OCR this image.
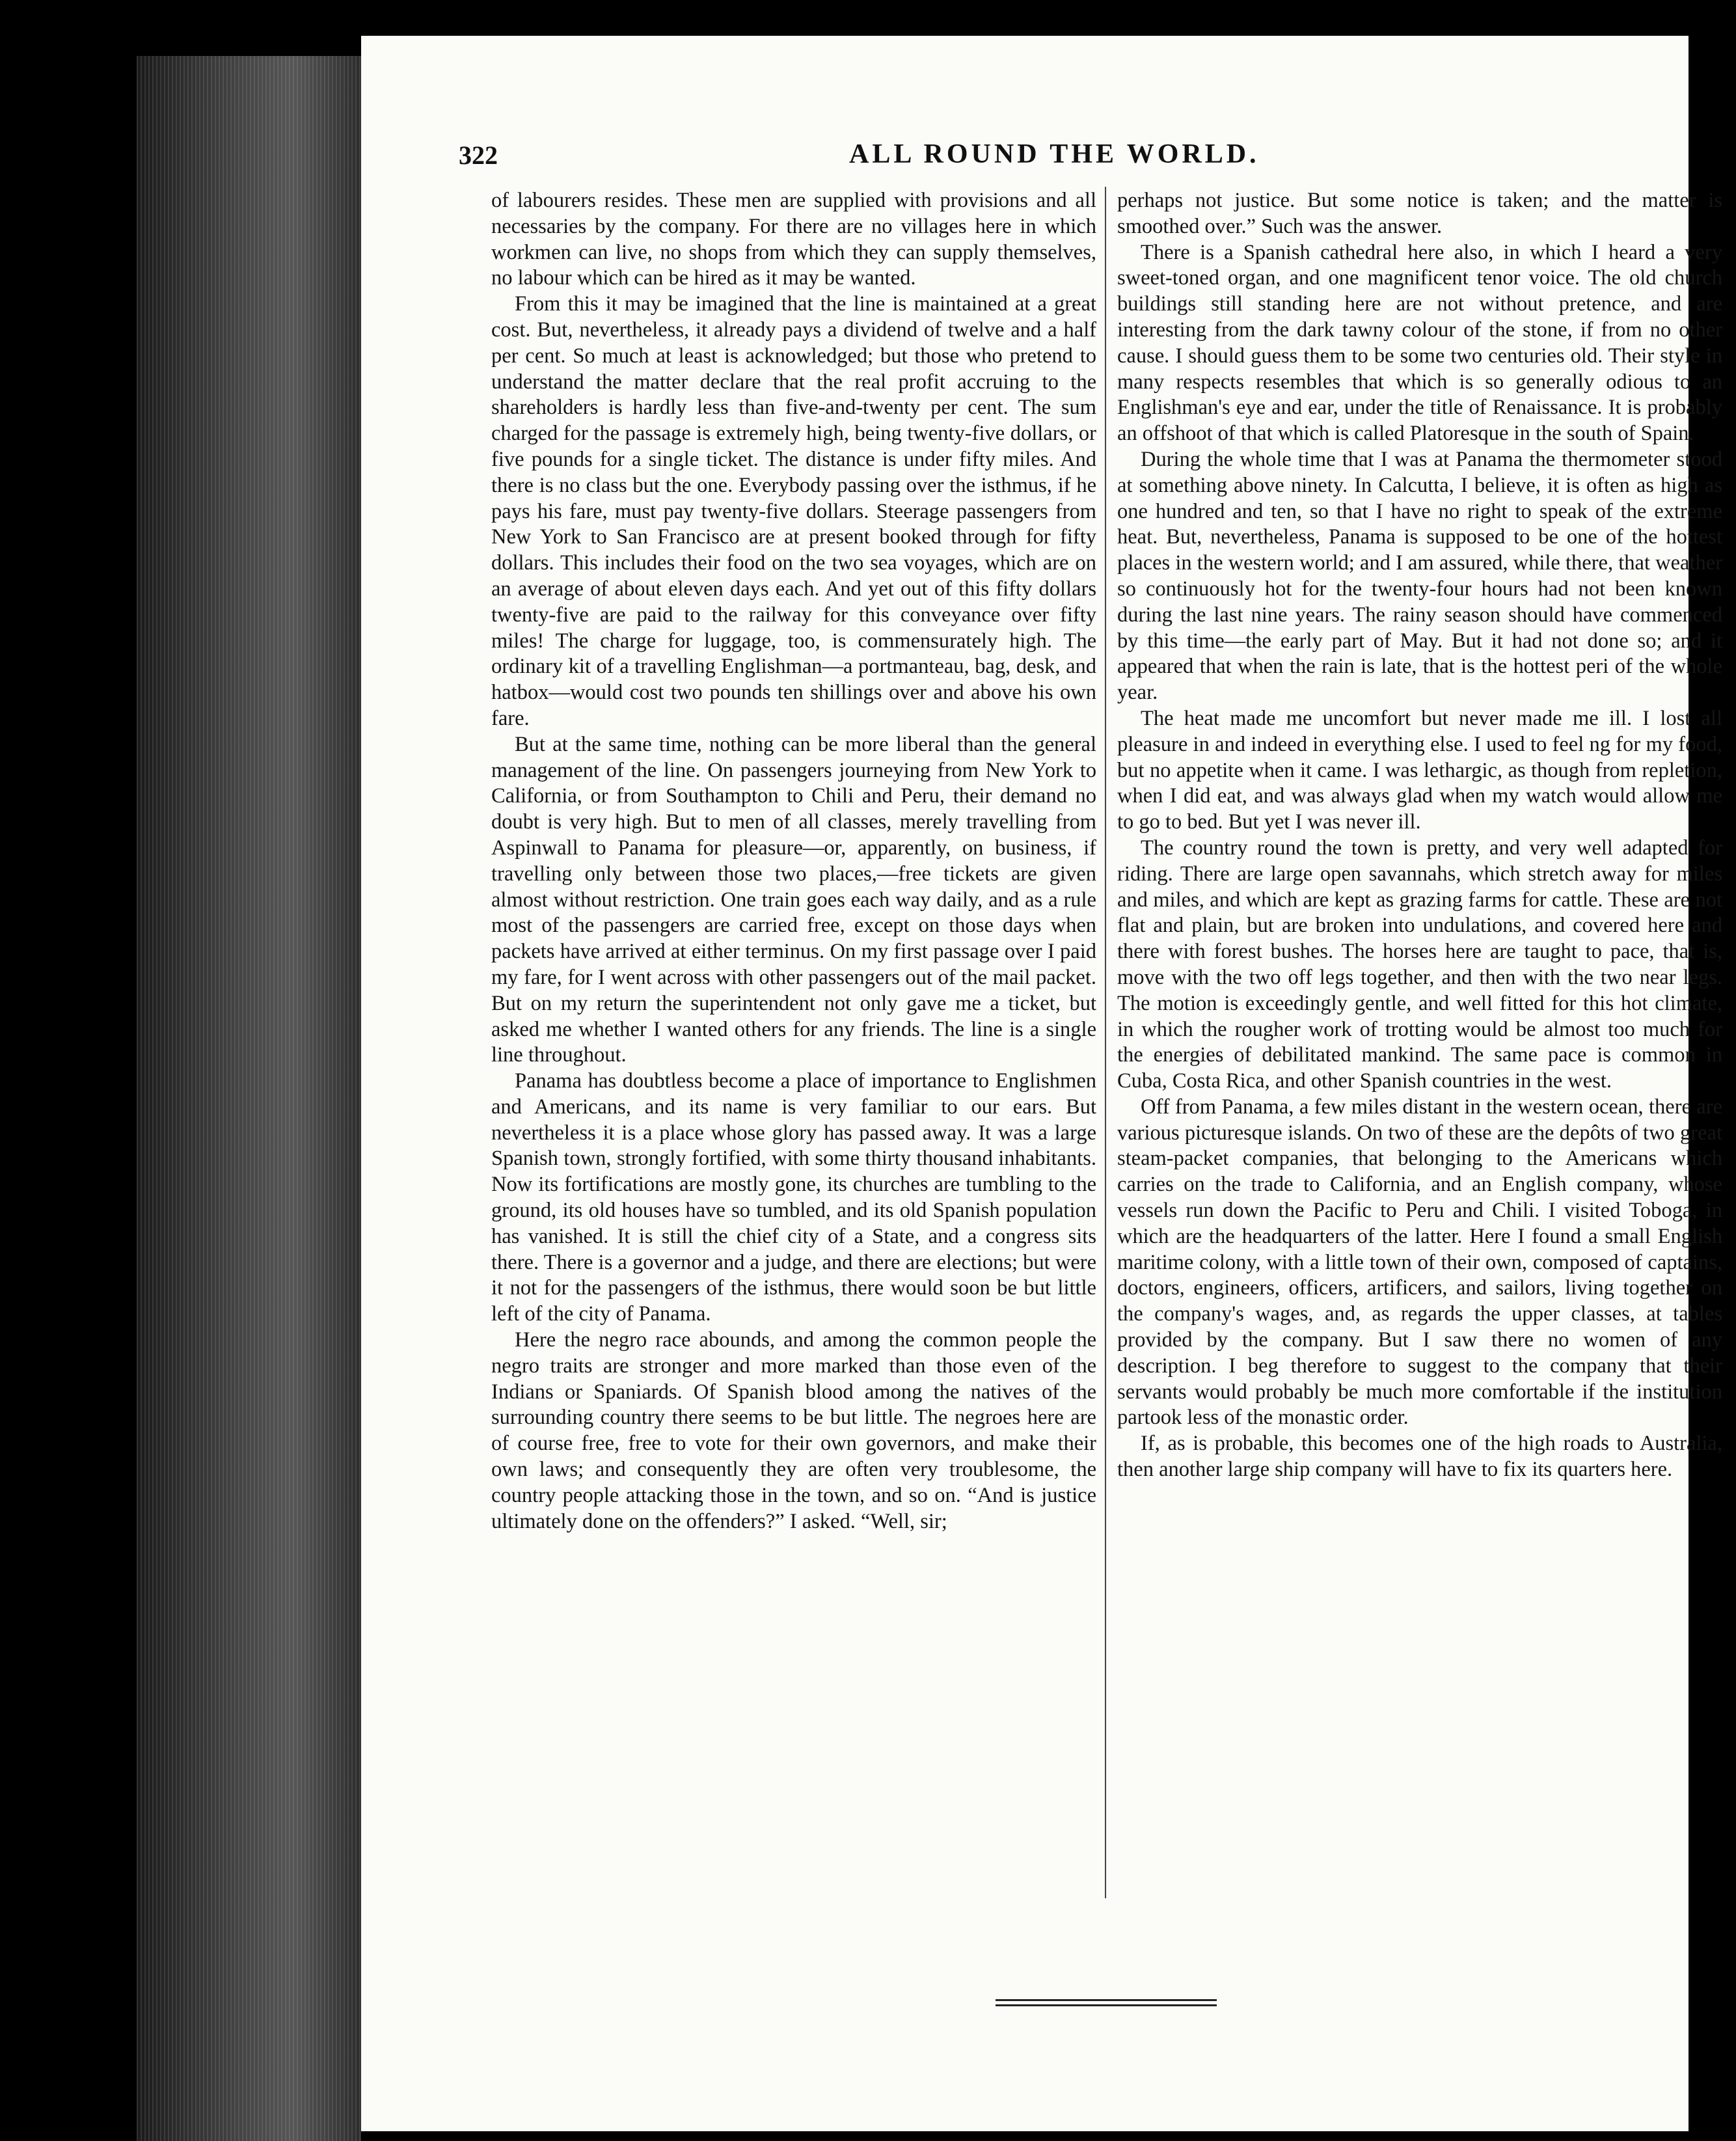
322	ALL ROUND THE WORLD.

of labourers resides. These men are supplied with provisions and all necessaries by the company. For there are no villages here in which workmen can live, no shops from which they can supply themselves, no labour which can be hired as it may be wanted.

From this it may be imagined that the line is maintained at a great cost. But, nevertheless, it already pays a dividend of twelve and a half per cent. So much at least is acknowledged; but those who pretend to understand the matter declare that the real profit accruing to the shareholders is hardly less than five-and-twenty per cent. The sum charged for the passage is extremely high, being twenty-five dollars, or five pounds for a single ticket. The distance is under fifty miles. And there is no class but the one. Everybody passing over the isthmus, if he pays his fare, must pay twenty-five dollars. Steerage passengers from New York to San Francisco are at present booked through for fifty dollars. This includes their food on the two sea voyages, which are on an average of about eleven days each. And yet out of this fifty dollars twenty-five are paid to the railway for this conveyance over fifty miles! The charge for luggage, too, is commensurately high. The ordinary kit of a travelling Englishman—a portmanteau, bag, desk, and hatbox—would cost two pounds ten shillings over and above his own fare.

But at the same time, nothing can be more liberal than the general management of the line. On passengers journeying from New York to California, or from Southampton to Chili and Peru, their demand no doubt is very high. But to men of all classes, merely travelling from Aspinwall to Panama for pleasure—or, apparently, on business, if travelling only between those two places,—free tickets are given almost without restriction. One train goes each way daily, and as a rule most of the passengers are carried free, except on those days when packets have arrived at either terminus. On my first passage over I paid my fare, for I went across with other passengers out of the mail packet. But on my return the superintendent not only gave me a ticket, but asked me whether I wanted others for any friends. The line is a single line throughout.

Panama has doubtless become a place of importance to Englishmen and Americans, and its name is very familiar to our ears. But nevertheless it is a place whose glory has passed away. It was a large Spanish town, strongly fortified, with some thirty thousand inhabitants. Now its fortifications are mostly gone, its churches are tumbling to the ground, its old houses have so tumbled, and its old Spanish population has vanished. It is still the chief city of a State, and a congress sits there. There is a governor and a judge, and there are elections; but were it not for the passengers of the isthmus, there would soon be but little left of the city of Panama.

Here the negro race abounds, and among the common people the negro traits are stronger and more marked than those even of the Indians or Spaniards. Of Spanish blood among the natives of the surrounding country there seems to be but little. The negroes here are of course free, free to vote for their own governors, and make their own laws; and consequently they are often very troublesome, the country people attacking those in the town, and so on. “And is justice ultimately done on the offenders?” I asked. “Well, sir;

perhaps not justice. But some notice is taken; and the matter is smoothed over.” Such was the answer.

There is a Spanish cathedral here also, in which I heard a very sweet-toned organ, and one magnificent tenor voice. The old church buildings still standing here are not without pretence, and are interesting from the dark tawny colour of the stone, if from no other cause. I should guess them to be some two centuries old. Their style in many respects resembles that which is so generally odious to an Englishman's eye and ear, under the title of Renaissance. It is probably an offshoot of that which is called Platoresque in the south of Spain.

During the whole time that I was at Panama the thermometer stood at something above ninety. In Calcutta, I believe, it is often as high as one hundred and ten, so that I have no right to speak of the extreme heat. But, nevertheless, Panama is supposed to be one of the hottest places in the western world; and I am assured, while there, that weather so continuously hot for the twenty-four hours had not been known during the last nine years. The rainy season should have commenced by this time—the early part of May. But it had not done so; and it appeared that when the rain is late, that is the hottest peri of the whole year.

The heat made me uncomfort but never made me ill. I lost all pleasure in and indeed in everything else. I used to feel ng for my food, but no appetite when it came. I was lethargic, as though from repletion, when I did eat, and was always glad when my watch would allow me to go to bed. But yet I was never ill.

The country round the town is pretty, and very well adapted for riding. There are large open savannahs, which stretch away for miles and miles, and which are kept as grazing farms for cattle. These are not flat and plain, but are broken into undulations, and covered here and there with forest bushes. The horses here are taught to pace, that is, move with the two off legs together, and then with the two near legs. The motion is exceedingly gentle, and well fitted for this hot climate, in which the rougher work of trotting would be almost too much for the energies of debilitated mankind. The same pace is common in Cuba, Costa Rica, and other Spanish countries in the west.

Off from Panama, a few miles distant in the western ocean, there are various picturesque islands. On two of these are the depôts of two great steam-packet companies, that belonging to the Americans which carries on the trade to California, and an English company, whose vessels run down the Pacific to Peru and Chili. I visited Toboga, in which are the headquarters of the latter. Here I found a small English maritime colony, with a little town of their own, composed of captains, doctors, engineers, officers, artificers, and sailors, living together on the company's wages, and, as regards the upper classes, at tables provided by the company. But I saw there no women of any description. I beg therefore to suggest to the company that their servants would probably be much more comfortable if the institution partook less of the monastic order.

If, as is probable, this becomes one of the high roads to Australia, then another large ship company will have to fix its quarters here.
